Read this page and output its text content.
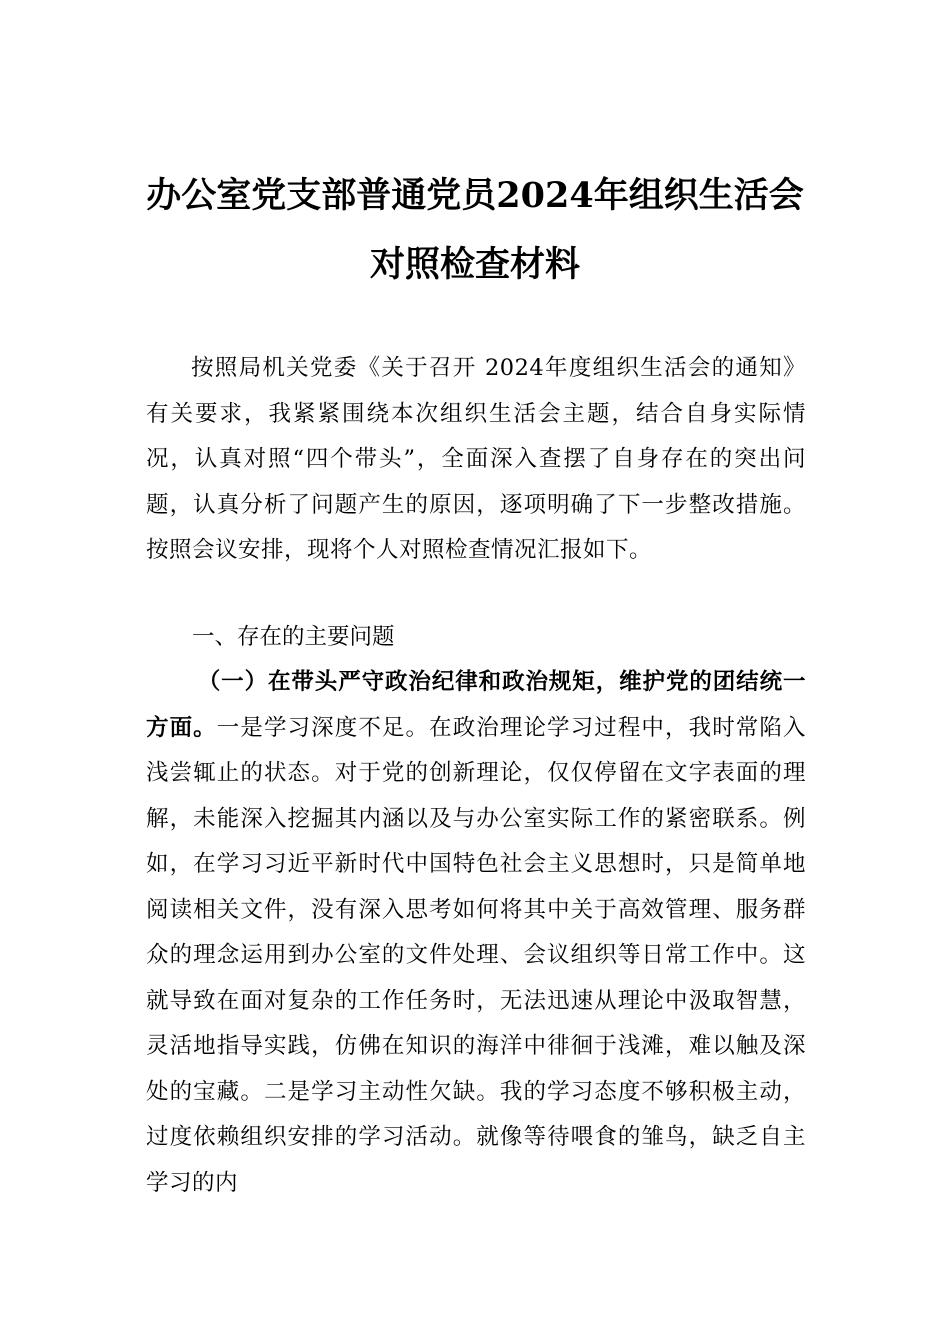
办公室党支部普通党员2024年组织生活会
对照检查材料
按照局机关党委《关于召开 2024年度组织生活会的通知》有关要求，我紧紧围绕本次组织生活会主题，结合自身实际情况，认真对照“四个带头”，全面深入查摆了自身存在的突出问题，认真分析了问题产生的原因，逐项明确了下一步整改措施。按照会议安排，现将个人对照检查情况汇报如下。
一、存在的主要问题
（一）在带头严守政治纪律和政治规矩，维护党的团结统一方面。一是学习深度不足。在政治理论学习过程中，我时常陷入浅尝辄止的状态。对于党的创新理论，仅仅停留在文字表面的理解，未能深入挖掘其内涵以及与办公室实际工作的紧密联系。例如，在学习习近平新时代中国特色社会主义思想时，只是简单地阅读相关文件，没有深入思考如何将其中关于高效管理、服务群众的理念运用到办公室的文件处理、会议组织等日常工作中。这就导致在面对复杂的工作任务时，无法迅速从理论中汲取智慧，灵活地指导实践，仿佛在知识的海洋中徘徊于浅滩，难以触及深处的宝藏。二是学习主动性欠缺。我的学习态度不够积极主动，过度依赖组织安排的学习活动。就像等待喂食的雏鸟，缺乏自主学习的内
